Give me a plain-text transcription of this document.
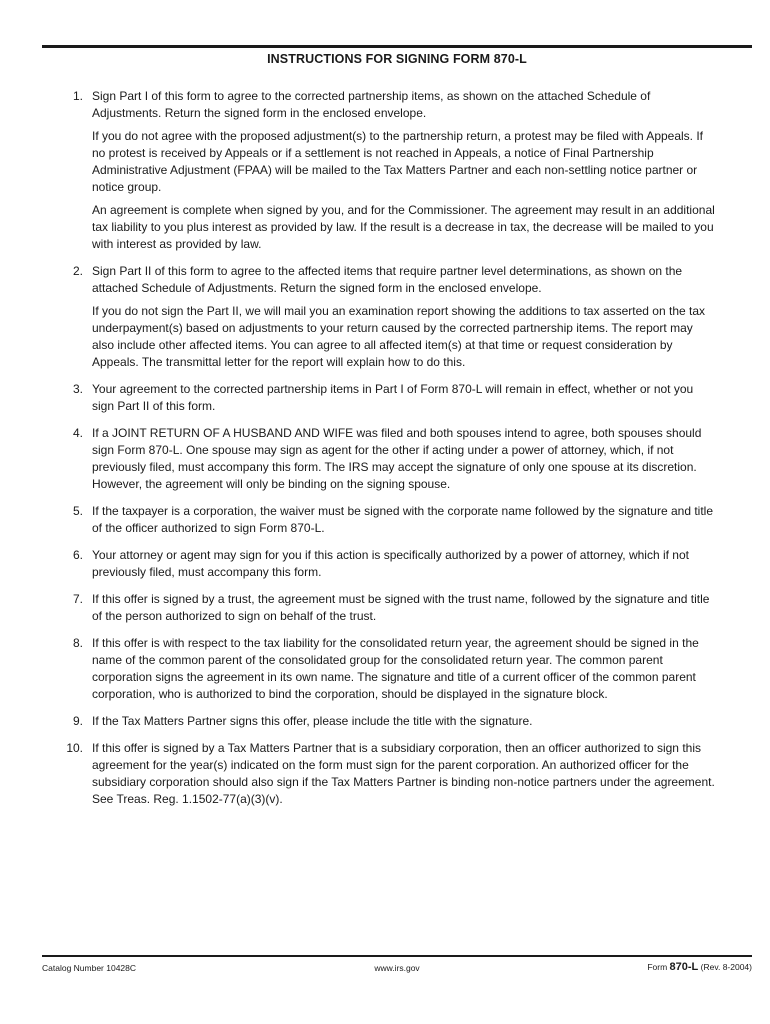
INSTRUCTIONS FOR SIGNING FORM 870-L
1. Sign Part I of this form to agree to the corrected partnership items, as shown on the attached Schedule of Adjustments. Return the signed form in the enclosed envelope.

If you do not agree with the proposed adjustment(s) to the partnership return, a protest may be filed with Appeals. If no protest is received by Appeals or if a settlement is not reached in Appeals, a notice of Final Partnership Administrative Adjustment (FPAA) will be mailed to the Tax Matters Partner and each non-settling notice partner or notice group.

An agreement is complete when signed by you, and for the Commissioner. The agreement may result in an additional tax liability to you plus interest as provided by law. If the result is a decrease in tax, the decrease will be mailed to you with interest as provided by law.

2. Sign Part II of this form to agree to the affected items that require partner level determinations, as shown on the attached Schedule of Adjustments. Return the signed form in the enclosed envelope.

If you do not sign the Part II, we will mail you an examination report showing the additions to tax asserted on the tax underpayment(s) based on adjustments to your return caused by the corrected partnership items. The report may also include other affected items. You can agree to all affected item(s) at that time or request consideration by Appeals. The transmittal letter for the report will explain how to do this.

3. Your agreement to the corrected partnership items in Part I of Form 870-L will remain in effect, whether or not you sign Part II of this form.

4. If a JOINT RETURN OF A HUSBAND AND WIFE was filed and both spouses intend to agree, both spouses should sign Form 870-L. One spouse may sign as agent for the other if acting under a power of attorney, which, if not previously filed, must accompany this form. The IRS may accept the signature of only one spouse at its discretion. However, the agreement will only be binding on the signing spouse.

5. If the taxpayer is a corporation, the waiver must be signed with the corporate name followed by the signature and title of the officer authorized to sign Form 870-L.

6. Your attorney or agent may sign for you if this action is specifically authorized by a power of attorney, which if not previously filed, must accompany this form.

7. If this offer is signed by a trust, the agreement must be signed with the trust name, followed by the signature and title of the person authorized to sign on behalf of the trust.

8. If this offer is with respect to the tax liability for the consolidated return year, the agreement should be signed in the name of the common parent of the consolidated group for the consolidated return year. The common parent corporation signs the agreement in its own name. The signature and title of a current officer of the common parent corporation, who is authorized to bind the corporation, should be displayed in the signature block.

9. If the Tax Matters Partner signs this offer, please include the title with the signature.

10. If this offer is signed by a Tax Matters Partner that is a subsidiary corporation, then an officer authorized to sign this agreement for the year(s) indicated on the form must sign for the parent corporation. An authorized officer for the subsidiary corporation should also sign if the Tax Matters Partner is binding non-notice partners under the agreement. See Treas. Reg. 1.1502-77(a)(3)(v).

Catalog Number 10428C	www.irs.gov	Form 870-L (Rev. 8-2004)
